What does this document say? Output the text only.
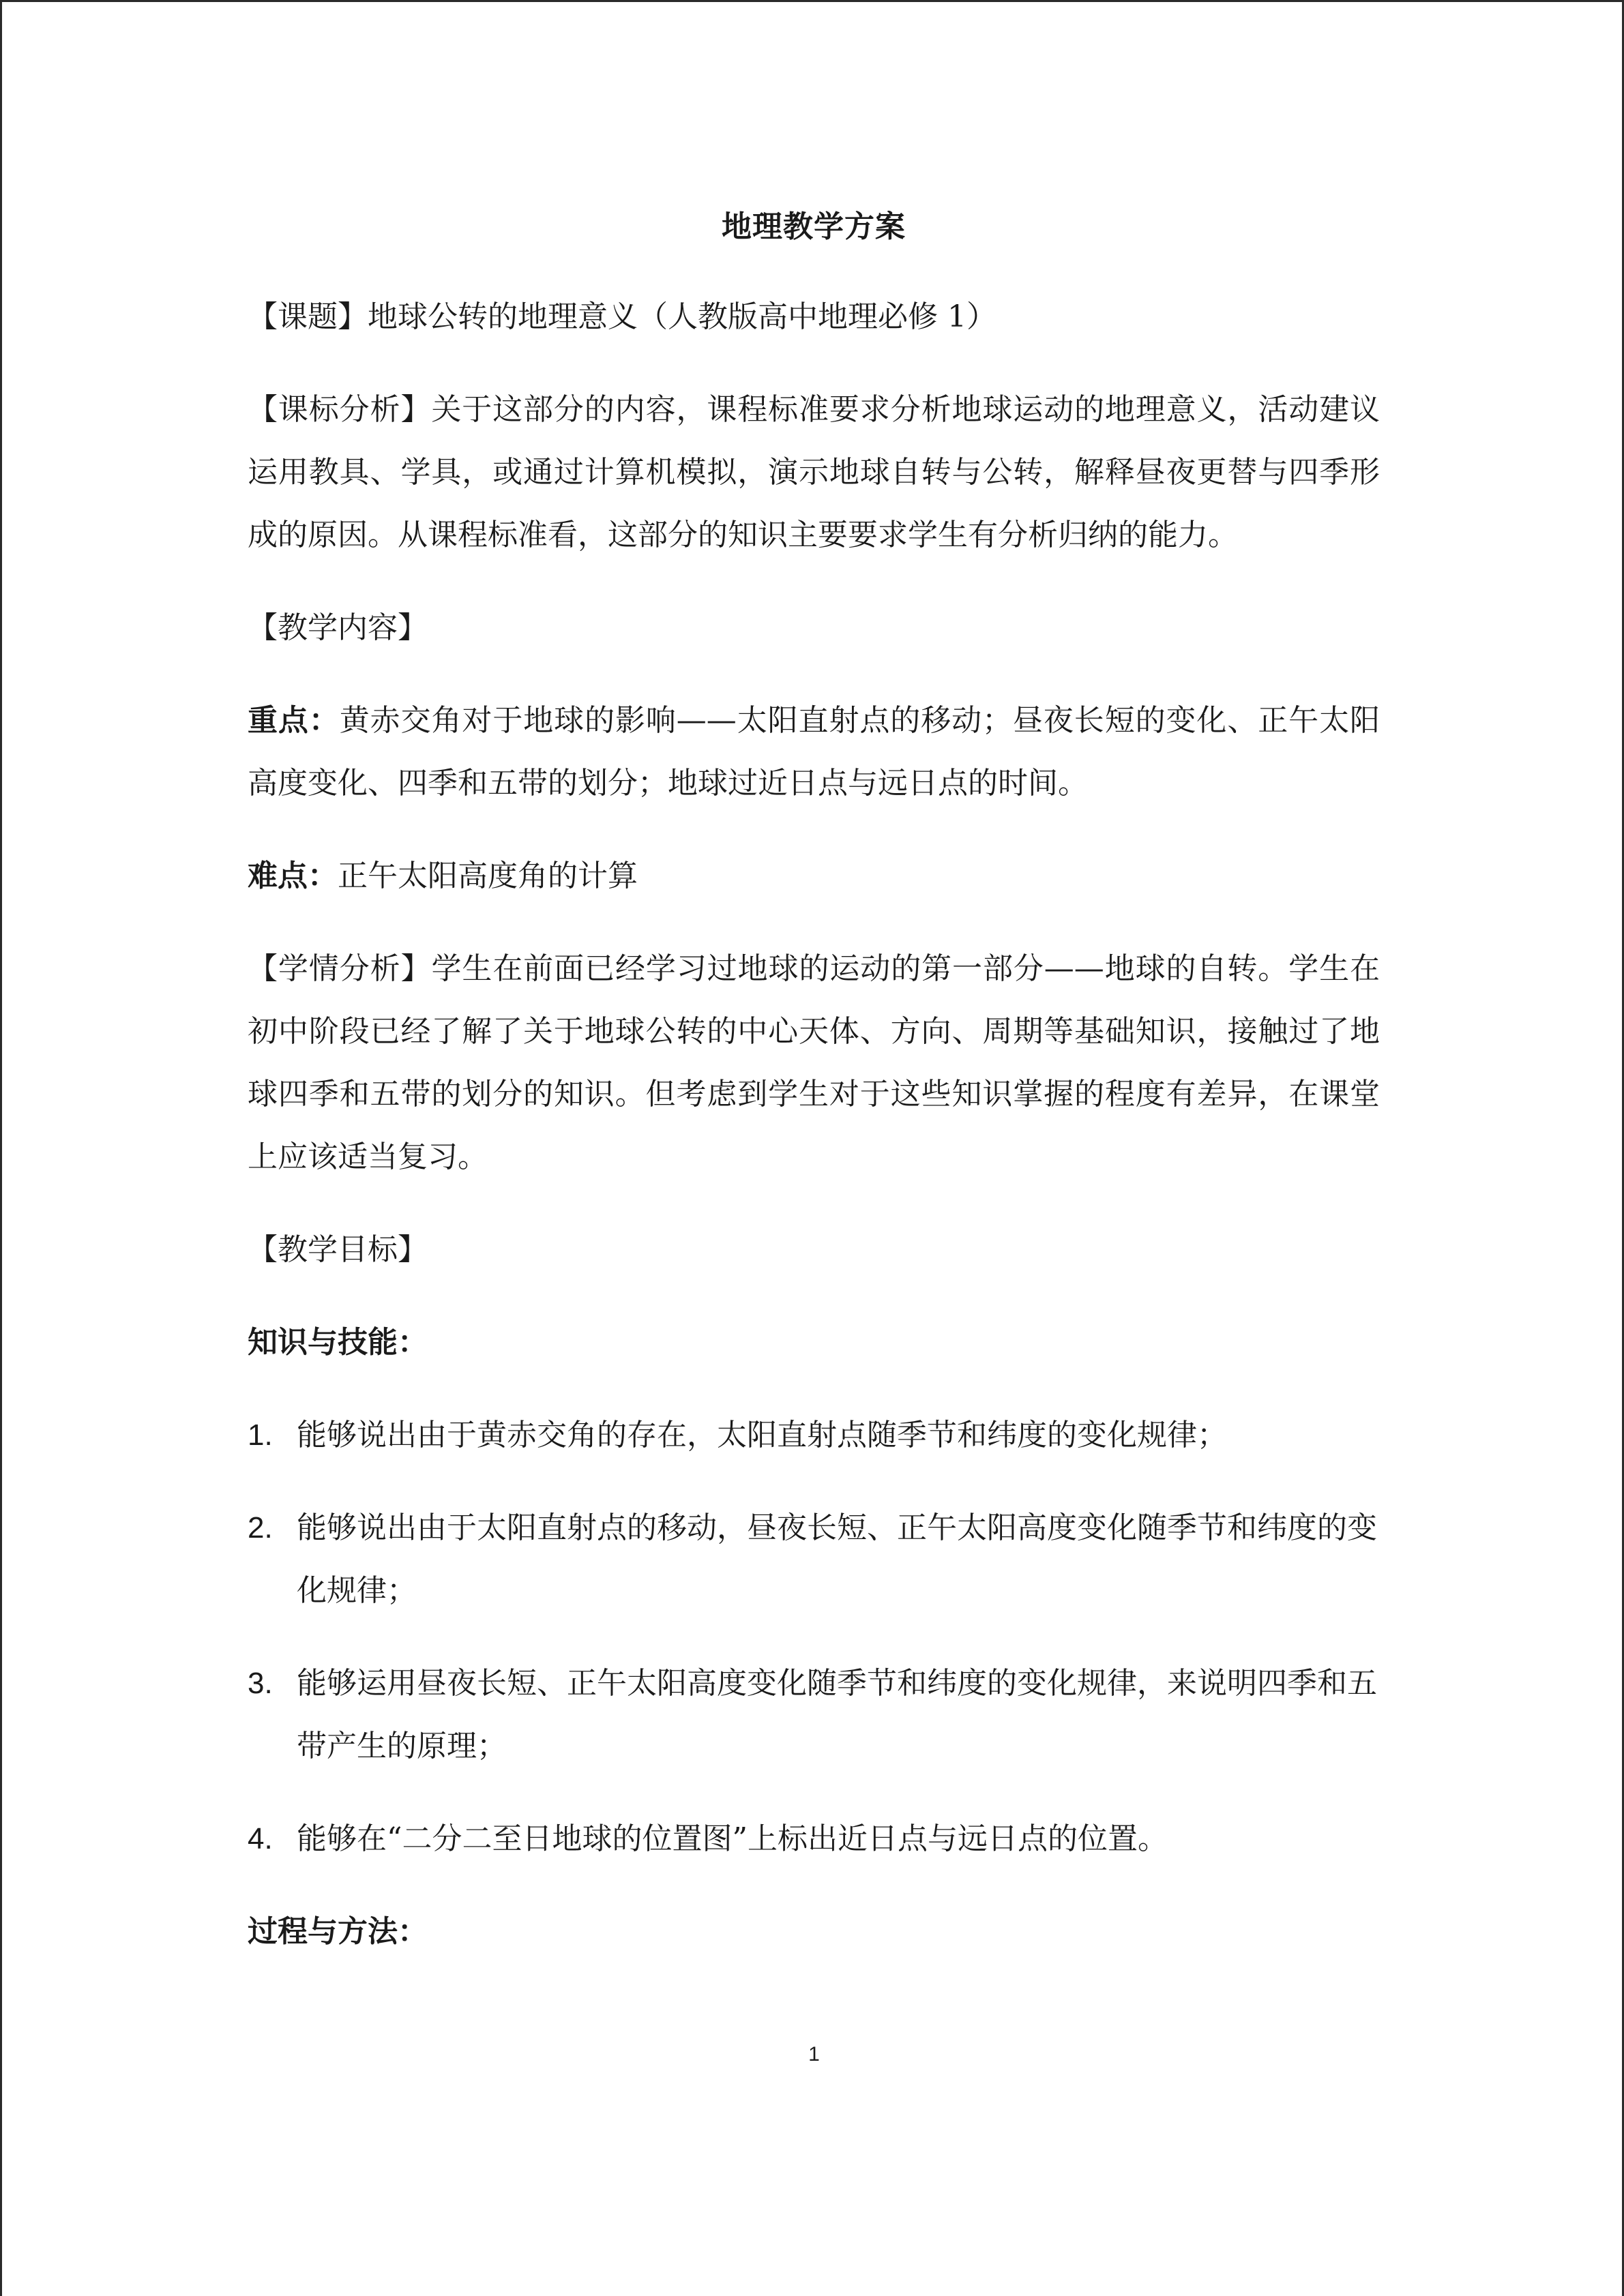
地理教学方案

【课题】地球公转的地理意义（人教版高中地理必修 1）

【课标分析】关于这部分的内容，课程标准要求分析地球运动的地理意义，活动建议运用教具、学具，或通过计算机模拟，演示地球自转与公转，解释昼夜更替与四季形成的原因。从课程标准看，这部分的知识主要要求学生有分析归纳的能力。

【教学内容】

重点：黄赤交角对于地球的影响——太阳直射点的移动；昼夜长短的变化、正午太阳高度变化、四季和五带的划分；地球过近日点与远日点的时间。

难点：正午太阳高度角的计算

【学情分析】学生在前面已经学习过地球的运动的第一部分——地球的自转。学生在初中阶段已经了解了关于地球公转的中心天体、方向、周期等基础知识，接触过了地球四季和五带的划分的知识。但考虑到学生对于这些知识掌握的程度有差异，在课堂上应该适当复习。

【教学目标】

知识与技能：

1. 能够说出由于黄赤交角的存在，太阳直射点随季节和纬度的变化规律；
2. 能够说出由于太阳直射点的移动，昼夜长短、正午太阳高度变化随季节和纬度的变化规律；
3. 能够运用昼夜长短、正午太阳高度变化随季节和纬度的变化规律，来说明四季和五带产生的原理；
4. 能够在“二分二至日地球的位置图”上标出近日点与远日点的位置。

过程与方法：

1
